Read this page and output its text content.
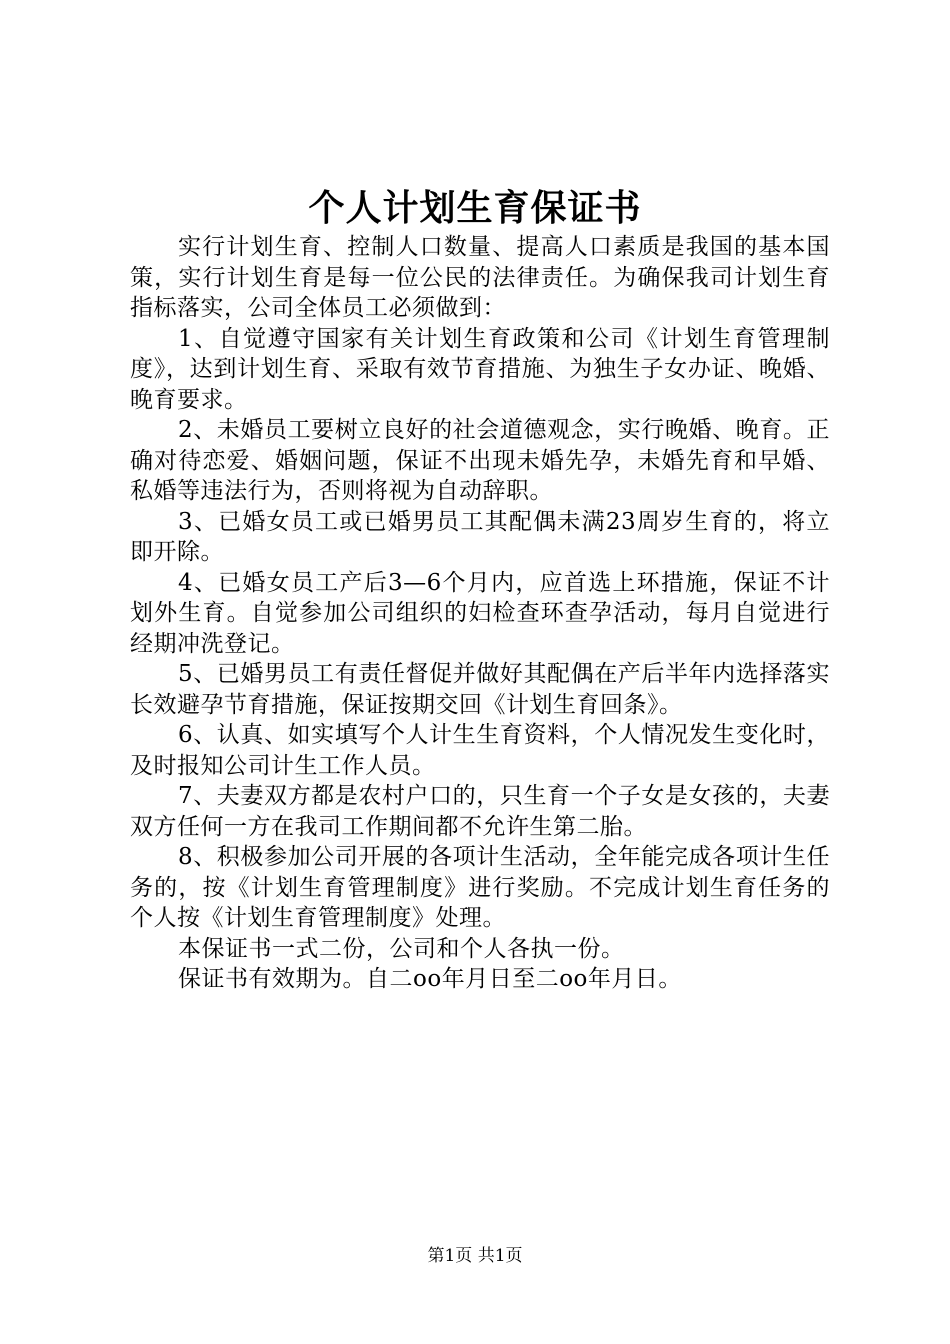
个人计划生育保证书

实行计划生育、控制人口数量、提高人口素质是我国的基本国策，实行计划生育是每一位公民的法律责任。为确保我司计划生育指标落实，公司全体员工必须做到：

1、自觉遵守国家有关计划生育政策和公司《计划生育管理制度》，达到计划生育、采取有效节育措施、为独生子女办证、晚婚、晚育要求。

2、未婚员工要树立良好的社会道德观念，实行晚婚、晚育。正确对待恋爱、婚姻问题，保证不出现未婚先孕，未婚先育和早婚、私婚等违法行为，否则将视为自动辞职。

3、已婚女员工或已婚男员工其配偶未满23周岁生育的，将立即开除。

4、已婚女员工产后3—6个月内，应首选上环措施，保证不计划外生育。自觉参加公司组织的妇检查环查孕活动，每月自觉进行经期冲洗登记。

5、已婚男员工有责任督促并做好其配偶在产后半年内选择落实长效避孕节育措施，保证按期交回《计划生育回条》。

6、认真、如实填写个人计生生育资料，个人情况发生变化时，及时报知公司计生工作人员。

7、夫妻双方都是农村户口的，只生育一个子女是女孩的，夫妻双方任何一方在我司工作期间都不允许生第二胎。

8、积极参加公司开展的各项计生活动，全年能完成各项计生任务的，按《计划生育管理制度》进行奖励。不完成计划生育任务的个人按《计划生育管理制度》处理。

本保证书一式二份，公司和个人各执一份。

保证书有效期为。自二oo年月日至二oo年月日。

第1页 共1页
